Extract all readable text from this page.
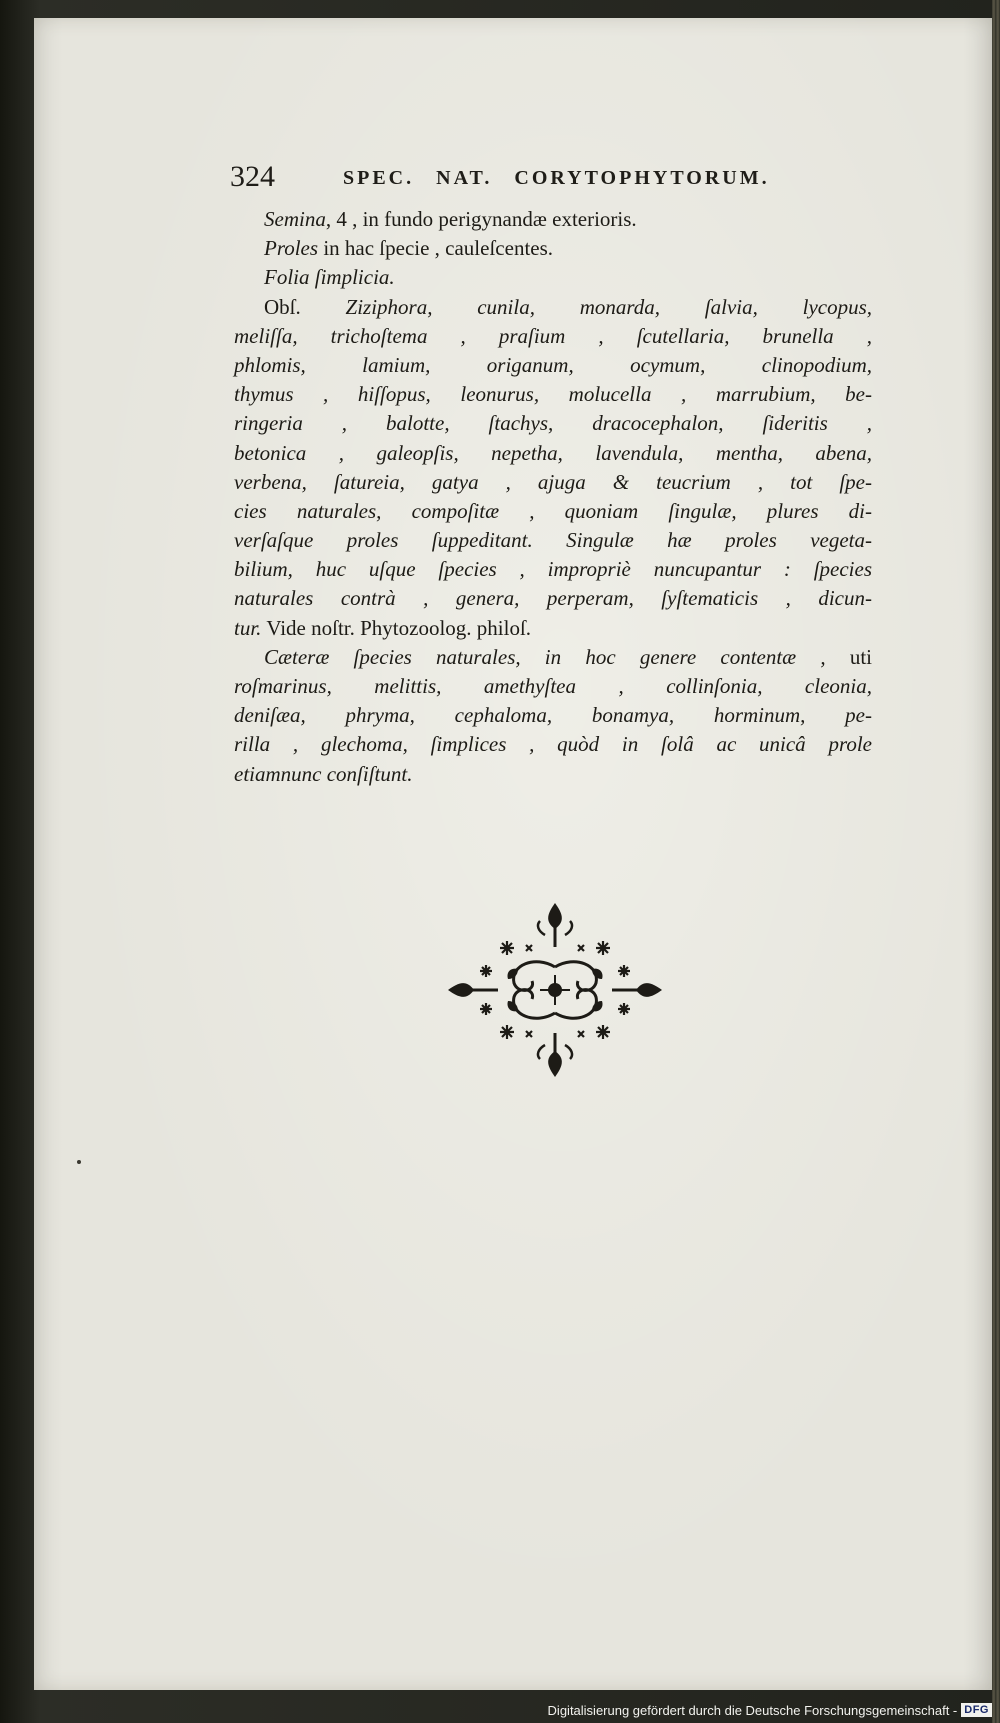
324	SPEC. NAT. CORYTOPHYTORUM.
Semina, 4 , in fundo perigynandæ exterioris.
Proles in hac ſpecie , cauleſcentes.
Folia ſimplicia.
Obſ. Ziziphora, cunila, monarda, ſalvia, lycopus,
meliſſa, trichoſtema , praſium , ſcutellaria, brunella ,
phlomis, lamium, origanum, ocymum, clinopodium,
thymus , hiſſopus, leonurus, molucella , marrubium, be-
ringeria , balotte, ſtachys, dracocephalon, ſideritis ,
betonica , galeopſis, nepetha, lavendula, mentha, abena,
verbena, ſatureia, gatya , ajuga & teucrium , tot ſpe-
cies naturales, compoſitæ , quoniam ſingulæ, plures di-
verſaſque proles ſuppeditant. Singulæ hæ proles vegeta-
bilium, huc uſque ſpecies , impropriè nuncupantur : ſpecies
naturales contrà , genera, perperam, ſyſtematicis , dicun-
tur. Vide noſtr. Phytozoolog. philoſ.
Cæteræ ſpecies naturales, in hoc genere contentæ , uti
roſmarinus, melittis, amethyſtea , collinſonia, cleonia,
deniſæa, phryma, cephaloma, bonamya, horminum, pe-
rilla , glechoma, ſimplices , quòd in ſolâ ac unicâ prole
etiamnunc conſiſtunt.
Digitalisierung gefördert durch die Deutsche Forschungsgemeinschaft - DFG
